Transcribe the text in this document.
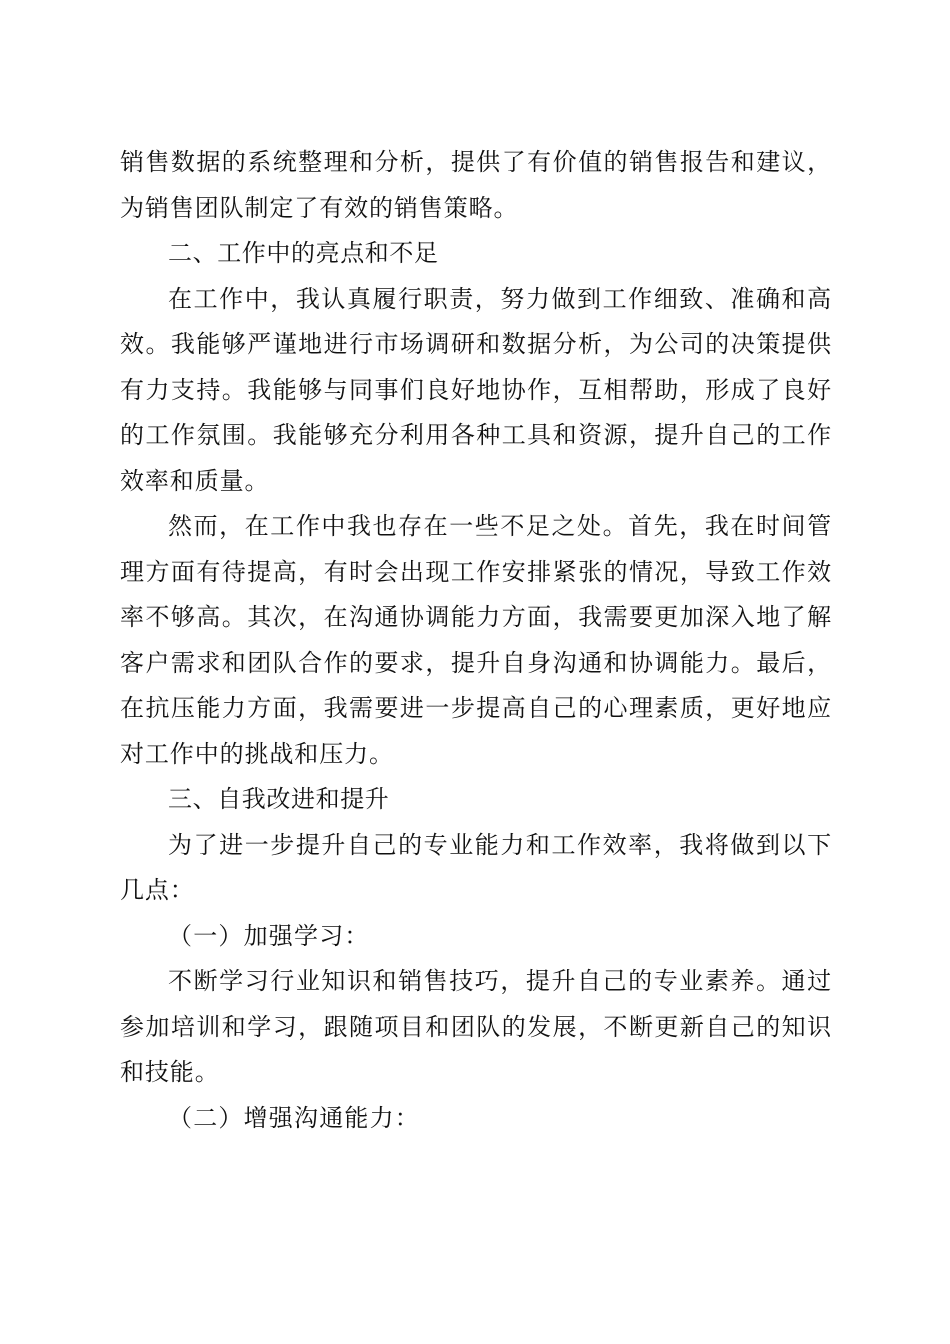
销售数据的系统整理和分析，提供了有价值的销售报告和建议，为销售团队制定了有效的销售策略。

二、工作中的亮点和不足

在工作中，我认真履行职责，努力做到工作细致、准确和高效。我能够严谨地进行市场调研和数据分析，为公司的决策提供有力支持。我能够与同事们良好地协作，互相帮助，形成了良好的工作氛围。我能够充分利用各种工具和资源，提升自己的工作效率和质量。

然而，在工作中我也存在一些不足之处。首先，我在时间管理方面有待提高，有时会出现工作安排紧张的情况，导致工作效率不够高。其次，在沟通协调能力方面，我需要更加深入地了解客户需求和团队合作的要求，提升自身沟通和协调能力。最后，在抗压能力方面，我需要进一步提高自己的心理素质，更好地应对工作中的挑战和压力。

三、自我改进和提升

为了进一步提升自己的专业能力和工作效率，我将做到以下几点：

（一）加强学习：

不断学习行业知识和销售技巧，提升自己的专业素养。通过参加培训和学习，跟随项目和团队的发展，不断更新自己的知识和技能。

（二）增强沟通能力：
